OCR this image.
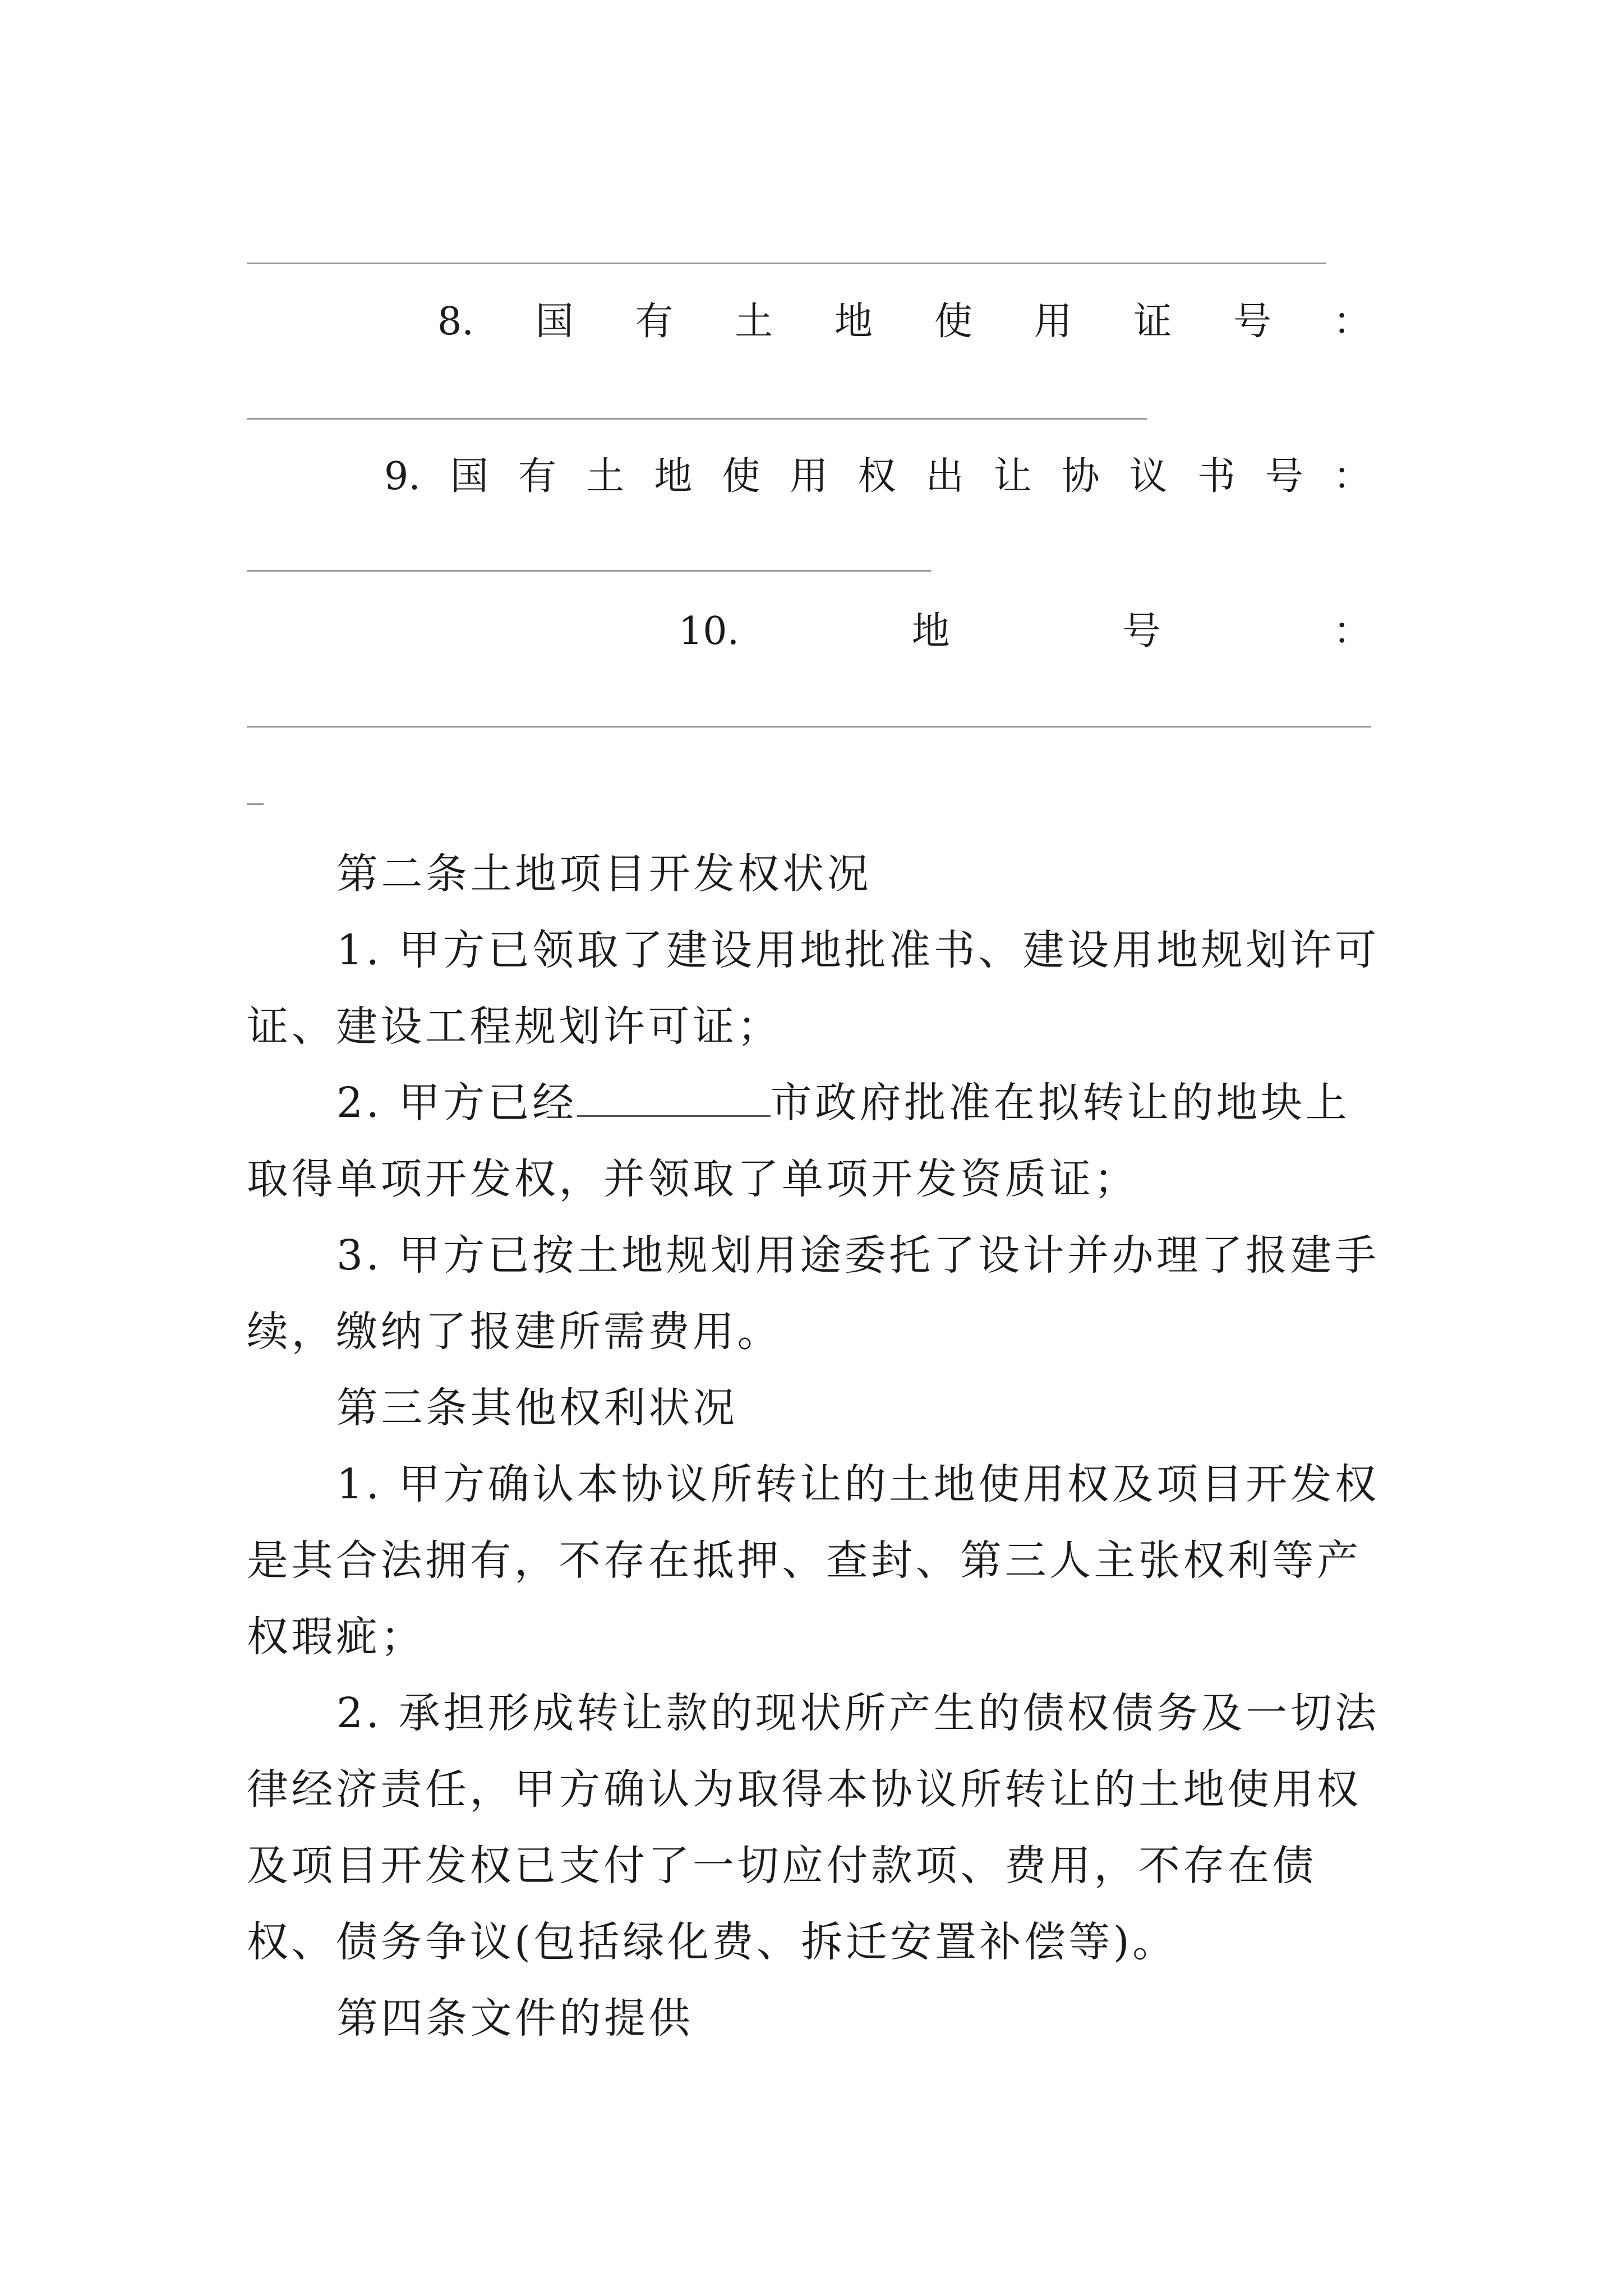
8. 国 有 土 地 使 用 证 号 ：
9. 国 有 土 地 使 用 权 出 让 协 议 书 号 ：
10.	地	号	：

第二条土地项目开发权状况

1. 甲方已领取了建设用地批准书、建设用地规划许可证、建设工程规划许可证；

2. 甲方已经	市政府批准在拟转让的地块上取得单项开发权，并领取了单项开发资质证；

3. 甲方已按土地规划用途委托了设计并办理了报建手续，缴纳了报建所需费用。

第三条其他权利状况

1. 甲方确认本协议所转让的土地使用权及项目开发权是其合法拥有，不存在抵押、查封、第三人主张权利等产权瑕疵；

2. 承担形成转让款的现状所产生的债权债务及一切法律经济责任，甲方确认为取得本协议所转让的土地使用权及项目开发权已支付了一切应付款项、费用，不存在债权、债务争议(包括绿化费、拆迁安置补偿等)。

第四条文件的提供
